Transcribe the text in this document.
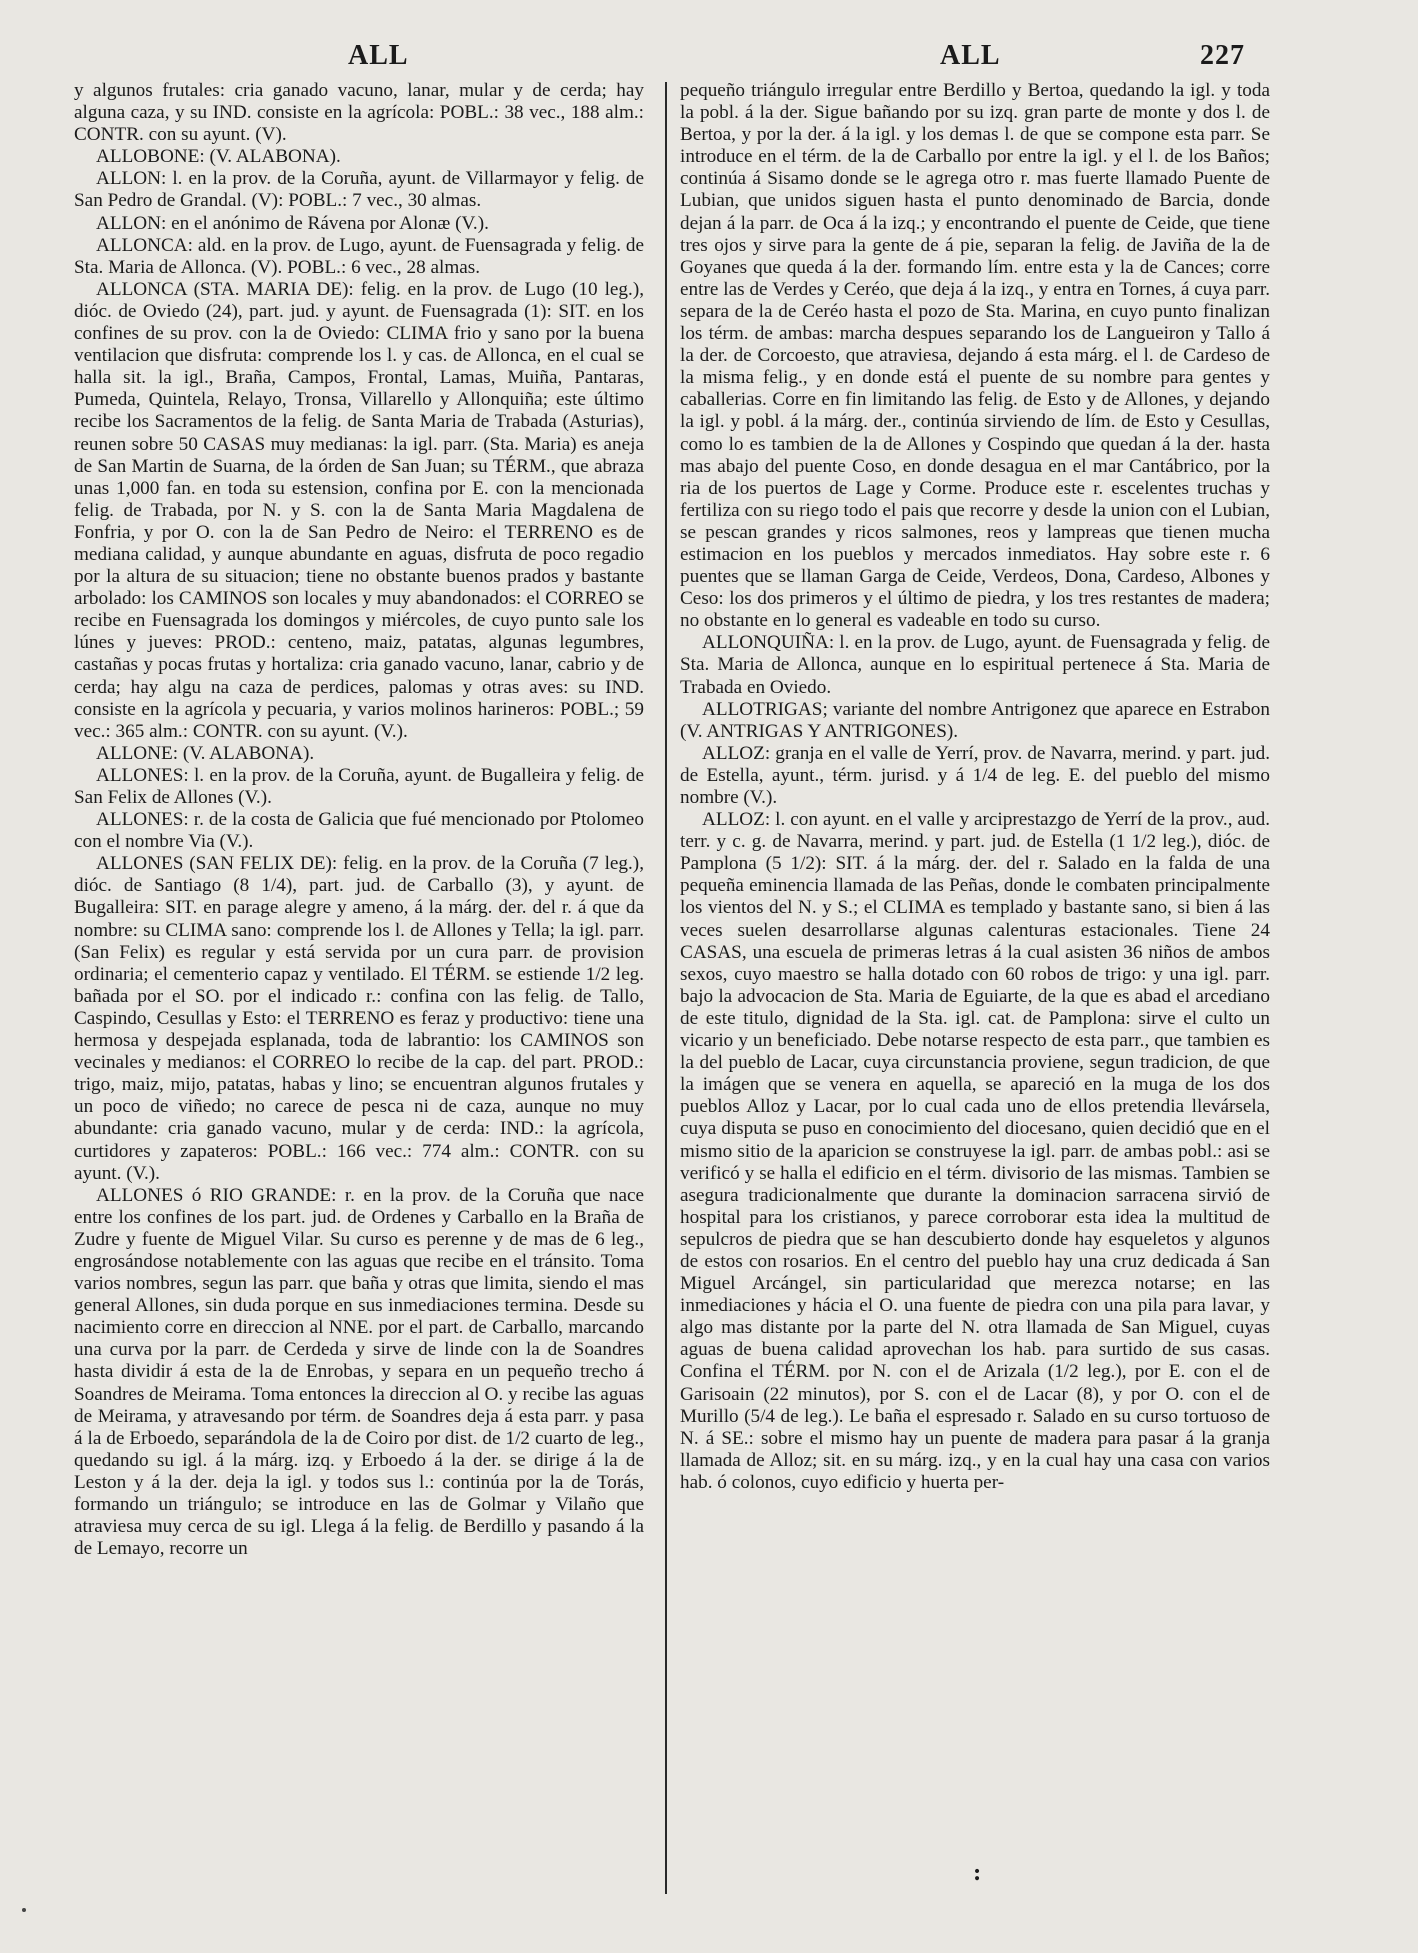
ALL	ALL	227

y algunos frutales: cria ganado vacuno, lanar, mular y de cerda; hay alguna caza, y su IND. consiste en la agrícola: POBL.: 38 vec., 188 alm.: CONTR. con su ayunt. (V).

ALLOBONE: (V. ALABONA).

ALLON: l. en la prov. de la Coruña, ayunt. de Villarmayor y felig. de San Pedro de Grandal. (V): POBL.: 7 vec., 30 almas.

ALLON: en el anónimo de Rávena por Alonæ (V.).

ALLONCA: ald. en la prov. de Lugo, ayunt. de Fuensagrada y felig. de Sta. Maria de Allonca. (V). POBL.: 6 vec., 28 almas.

ALLONCA (STA. MARIA DE): felig. en la prov. de Lugo (10 leg.), dióc. de Oviedo (24), part. jud. y ayunt. de Fuensagrada (1): SIT. en los confines de su prov. con la de Oviedo: CLIMA frio y sano por la buena ventilacion que disfruta: comprende los l. y cas. de Allonca, en el cual se halla sit. la igl., Braña, Campos, Frontal, Lamas, Muiña, Pantaras, Pumeda, Quintela, Relayo, Tronsa, Villarello y Allonquiña; este último recibe los Sacramentos de la felig. de Santa Maria de Trabada (Asturias), reunen sobre 50 CASAS muy medianas: la igl. parr. (Sta. Maria) es aneja de San Martin de Suarna, de la órden de San Juan; su TÉRM., que abraza unas 1,000 fan. en toda su estension, confina por E. con la mencionada felig. de Trabada, por N. y S. con la de Santa Maria Magdalena de Fonfria, y por O. con la de San Pedro de Neiro: el TERRENO es de mediana calidad, y aunque abundante en aguas, disfruta de poco regadio por la altura de su situacion; tiene no obstante buenos prados y bastante arbolado: los CAMINOS son locales y muy abandonados: el CORREO se recibe en Fuensagrada los domingos y miércoles, de cuyo punto sale los lúnes y jueves: PROD.: centeno, maiz, patatas, algunas legumbres, castañas y pocas frutas y hortaliza: cria ganado vacuno, lanar, cabrio y de cerda; hay algu na caza de perdices, palomas y otras aves: su IND. consiste en la agrícola y pecuaria, y varios molinos harineros: POBL.; 59 vec.: 365 alm.: CONTR. con su ayunt. (V.).

ALLONE: (V. ALABONA).

ALLONES: l. en la prov. de la Coruña, ayunt. de Bugalleira y felig. de San Felix de Allones (V.).

ALLONES: r. de la costa de Galicia que fué mencionado por Ptolomeo con el nombre Via (V.).

ALLONES (SAN FELIX DE): felig. en la prov. de la Coruña (7 leg.), dióc. de Santiago (8 1/4), part. jud. de Carballo (3), y ayunt. de Bugalleira: SIT. en parage alegre y ameno, á la márg. der. del r. á que da nombre: su CLIMA sano: comprende los l. de Allones y Tella; la igl. parr. (San Felix) es regular y está servida por un cura parr. de provision ordinaria; el cementerio capaz y ventilado. El TÉRM. se estiende 1/2 leg. bañada por el SO. por el indicado r.: confina con las felig. de Tallo, Caspindo, Cesullas y Esto: el TERRENO es feraz y productivo: tiene una hermosa y despejada esplanada, toda de labrantio: los CAMINOS son vecinales y medianos: el CORREO lo recibe de la cap. del part. PROD.: trigo, maiz, mijo, patatas, habas y lino; se encuentran algunos frutales y un poco de viñedo; no carece de pesca ni de caza, aunque no muy abundante: cria ganado vacuno, mular y de cerda: IND.: la agrícola, curtidores y zapateros: POBL.: 166 vec.: 774 alm.: CONTR. con su ayunt. (V.).

ALLONES ó RIO GRANDE: r. en la prov. de la Coruña que nace entre los confines de los part. jud. de Ordenes y Carballo en la Braña de Zudre y fuente de Miguel Vilar. Su curso es perenne y de mas de 6 leg., engrosándose notablemente con las aguas que recibe en el tránsito. Toma varios nombres, segun las parr. que baña y otras que limita, siendo el mas general Allones, sin duda porque en sus inmediaciones termina. Desde su nacimiento corre en direccion al NNE. por el part. de Carballo, marcando una curva por la parr. de Cerdeda y sirve de linde con la de Soandres hasta dividir á esta de la de Enrobas, y separa en un pequeño trecho á Soandres de Meirama. Toma entonces la direccion al O. y recibe las aguas de Meirama, y atravesando por térm. de Soandres deja á esta parr. y pasa á la de Erboedo, separándola de la de Coiro por dist. de 1/2 cuarto de leg., quedando su igl. á la márg. izq. y Erboedo á la der. se dirige á la de Leston y á la der. deja la igl. y todos sus l.: continúa por la de Torás, formando un triángulo; se introduce en las de Golmar y Vilaño que atraviesa muy cerca de su igl. Llega á la felig. de Berdillo y pasando á la de Lemayo, recorre un

pequeño triángulo irregular entre Berdillo y Bertoa, quedando la igl. y toda la pobl. á la der. Sigue bañando por su izq. gran parte de monte y dos l. de Bertoa, y por la der. á la igl. y los demas l. de que se compone esta parr. Se introduce en el térm. de la de Carballo por entre la igl. y el l. de los Baños; continúa á Sisamo donde se le agrega otro r. mas fuerte llamado Puente de Lubian, que unidos siguen hasta el punto denominado de Barcia, donde dejan á la parr. de Oca á la izq.; y encontrando el puente de Ceide, que tiene tres ojos y sirve para la gente de á pie, separan la felig. de Javiña de la de Goyanes que queda á la der. formando lím. entre esta y la de Cances; corre entre las de Verdes y Ceréo, que deja á la izq., y entra en Tornes, á cuya parr. separa de la de Ceréo hasta el pozo de Sta. Marina, en cuyo punto finalizan los térm. de ambas: marcha despues separando los de Langueiron y Tallo á la der. de Corcoesto, que atraviesa, dejando á esta márg. el l. de Cardeso de la misma felig., y en donde está el puente de su nombre para gentes y caballerias. Corre en fin limitando las felig. de Esto y de Allones, y dejando la igl. y pobl. á la márg. der., continúa sirviendo de lím. de Esto y Cesullas, como lo es tambien de la de Allones y Cospindo que quedan á la der. hasta mas abajo del puente Coso, en donde desagua en el mar Cantábrico, por la ria de los puertos de Lage y Corme. Produce este r. escelentes truchas y fertiliza con su riego todo el pais que recorre y desde la union con el Lubian, se pescan grandes y ricos salmones, reos y lampreas que tienen mucha estimacion en los pueblos y mercados inmediatos. Hay sobre este r. 6 puentes que se llaman Garga de Ceide, Verdeos, Dona, Cardeso, Albones y Ceso: los dos primeros y el último de piedra, y los tres restantes de madera; no obstante en lo general es vadeable en todo su curso.

ALLONQUIÑA: l. en la prov. de Lugo, ayunt. de Fuensagrada y felig. de Sta. Maria de Allonca, aunque en lo espiritual pertenece á Sta. Maria de Trabada en Oviedo.

ALLOTRIGAS; variante del nombre Antrigonez que aparece en Estrabon (V. ANTRIGAS Y ANTRIGONES).

ALLOZ: granja en el valle de Yerrí, prov. de Navarra, merind. y part. jud. de Estella, ayunt., térm. jurisd. y á 1/4 de leg. E. del pueblo del mismo nombre (V.).

ALLOZ: l. con ayunt. en el valle y arciprestazgo de Yerrí de la prov., aud. terr. y c. g. de Navarra, merind. y part. jud. de Estella (1 1/2 leg.), dióc. de Pamplona (5 1/2): SIT. á la márg. der. del r. Salado en la falda de una pequeña eminencia llamada de las Peñas, donde le combaten principalmente los vientos del N. y S.; el CLIMA es templado y bastante sano, si bien á las veces suelen desarrollarse algunas calenturas estacionales. Tiene 24 CASAS, una escuela de primeras letras á la cual asisten 36 niños de ambos sexos, cuyo maestro se halla dotado con 60 robos de trigo: y una igl. parr. bajo la advocacion de Sta. Maria de Eguiarte, de la que es abad el arcediano de este titulo, dignidad de la Sta. igl. cat. de Pamplona: sirve el culto un vicario y un beneficiado. Debe notarse respecto de esta parr., que tambien es la del pueblo de Lacar, cuya circunstancia proviene, segun tradicion, de que la imágen que se venera en aquella, se apareció en la muga de los dos pueblos Alloz y Lacar, por lo cual cada uno de ellos pretendia llevársela, cuya disputa se puso en conocimiento del diocesano, quien decidió que en el mismo sitio de la aparicion se construyese la igl. parr. de ambas pobl.: asi se verificó y se halla el edificio en el térm. divisorio de las mismas. Tambien se asegura tradicionalmente que durante la dominacion sarracena sirvió de hospital para los cristianos, y parece corroborar esta idea la multitud de sepulcros de piedra que se han descubierto donde hay esqueletos y algunos de estos con rosarios. En el centro del pueblo hay una cruz dedicada á San Miguel Arcángel, sin particularidad que merezca notarse; en las inmediaciones y hácia el O. una fuente de piedra con una pila para lavar, y algo mas distante por la parte del N. otra llamada de San Miguel, cuyas aguas de buena calidad aprovechan los hab. para surtido de sus casas. Confina el TÉRM. por N. con el de Arizala (1/2 leg.), por E. con el de Garisoain (22 minutos), por S. con el de Lacar (8), y por O. con el de Murillo (5/4 de leg.). Le baña el espresado r. Salado en su curso tortuoso de N. á SE.: sobre el mismo hay un puente de madera para pasar á la granja llamada de Alloz; sit. en su márg. izq., y en la cual hay una casa con varios hab. ó colonos, cuyo edificio y huerta per-

:
